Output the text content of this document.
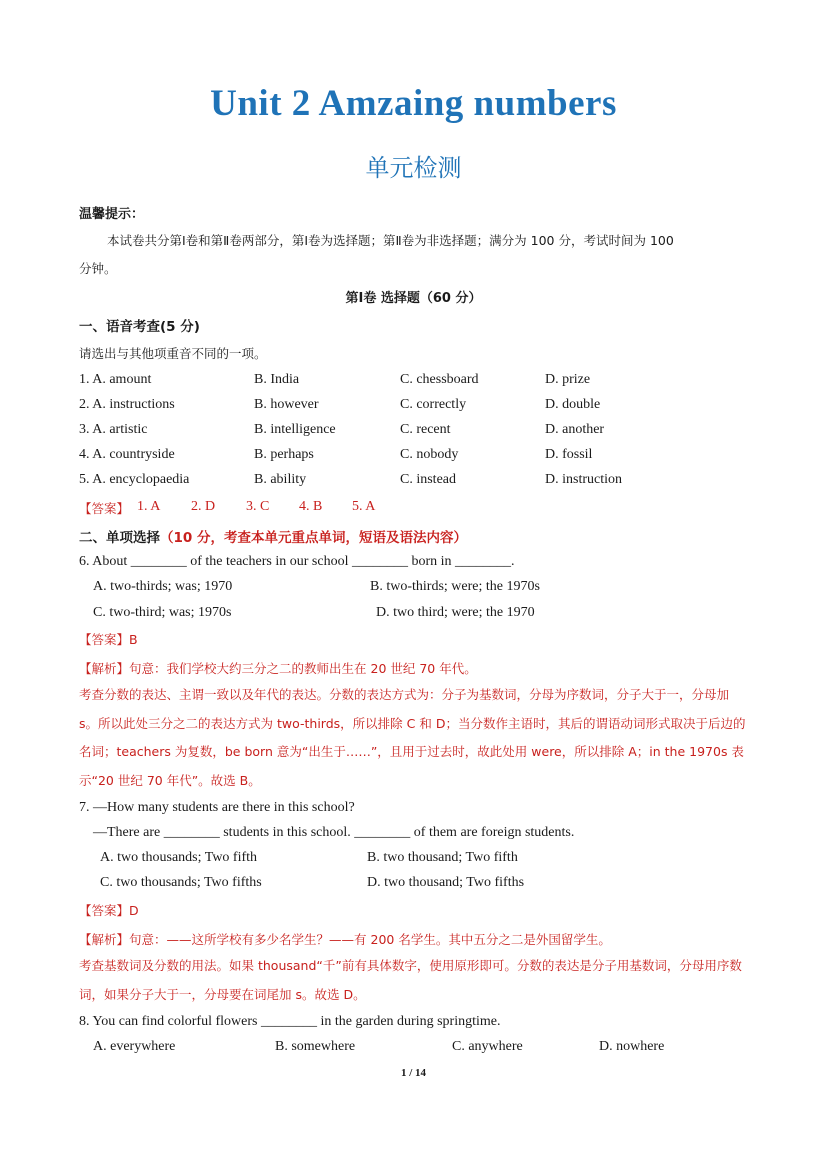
Unit 2 Amzaing numbers
单元检测
温馨提示：
本试卷共分第Ⅰ卷和第Ⅱ卷两部分，第Ⅰ卷为选择题；第Ⅱ卷为非选择题；满分为 100 分，考试时间为 100
分钟。
第Ⅰ卷 选择题（60 分）
一、语音考查(5 分)
请选出与其他项重音不同的一项。
1. A. amount	B. India	C. chessboard	D. prize
2. A. instructions	B. however	C. correctly	D. double
3. A. artistic	B. intelligence	C. recent	D. another
4. A. countryside	B. perhaps	C. nobody	D. fossil
5. A. encyclopaedia	B. ability	C. instead	D. instruction
【答案】 1. A 2. D 3. C 4. B 5. A
二、单项选择（10 分，考查本单元重点单词，短语及语法内容）
6. About ________ of the teachers in our school ________ born in ________.
A. two-thirds; was; 1970	B. two-thirds; were; the 1970s
C. two-third; was; 1970s	D. two third; were; the 1970
【答案】B
【解析】句意：我们学校大约三分之二的教师出生在 20 世纪 70 年代。
考查分数的表达、主谓一致以及年代的表达。分数的表达方式为：分子为基数词，分母为序数词，分子大于一，分母加 s。所以此处三分之二的表达方式为 two-thirds，所以排除 C 和 D；当分数作主语时，其后的谓语动词形式取决于后边的名词；teachers 为复数，be born 意为“出生于……”，且用于过去时，故此处用 were，所以排除 A；in the 1970s 表示“20 世纪 70 年代”。故选 B。
7. —How many students are there in this school?
—There are ________ students in this school. ________ of them are foreign students.
A. two thousands; Two fifth	B. two thousand; Two fifth
C. two thousands; Two fifths	D. two thousand; Two fifths
【答案】D
【解析】句意：——这所学校有多少名学生？——有 200 名学生。其中五分之二是外国留学生。
考查基数词及分数的用法。如果 thousand“千”前有具体数字，使用原形即可。分数的表达是分子用基数词，分母用序数词，如果分子大于一，分母要在词尾加 s。故选 D。
8. You can find colorful flowers ________ in the garden during springtime.
A. everywhere	B. somewhere	C. anywhere	D. nowhere
1 / 14
